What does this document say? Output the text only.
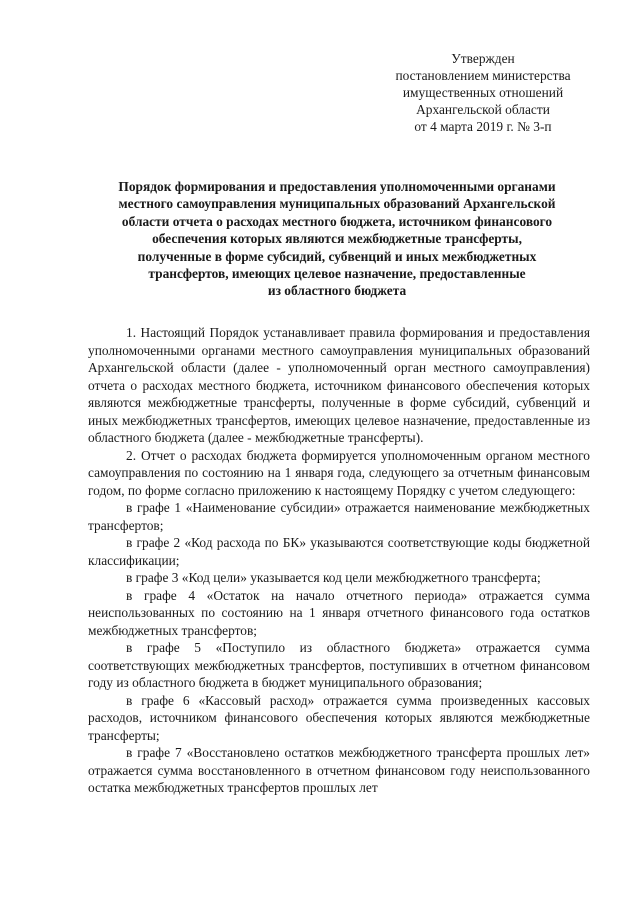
Утвержден
постановлением министерства
имущественных отношений
Архангельской области
от 4 марта 2019 г. № 3-п
Порядок формирования и предоставления уполномоченными органами
местного самоуправления муниципальных образований Архангельской
области отчета о расходах местного бюджета, источником финансового
обеспечения которых являются межбюджетные трансферты,
полученные в форме субсидий, субвенций и иных межбюджетных
трансфертов, имеющих целевое назначение, предоставленные
из областного бюджета

1. Настоящий Порядок устанавливает правила формирования и предоставления уполномоченными органами местного самоуправления муниципальных образований Архангельской области (далее - уполномоченный орган местного самоуправления) отчета о расходах местного бюджета, источником финансового обеспечения которых являются межбюджетные трансферты, полученные в форме субсидий, субвенций и иных межбюджетных трансфертов, имеющих целевое назначение, предоставленные из областного бюджета (далее - межбюджетные трансферты).

2. Отчет о расходах бюджета формируется уполномоченным органом местного самоуправления по состоянию на 1 января года, следующего за отчетным финансовым годом, по форме согласно приложению к настоящему Порядку с учетом следующего:

в графе 1 «Наименование субсидии» отражается наименование межбюджетных трансфертов;

в графе 2 «Код расхода по БК» указываются соответствующие коды бюджетной классификации;

в графе 3 «Код цели» указывается код цели межбюджетного трансферта;

в графе 4 «Остаток на начало отчетного периода» отражается сумма неиспользованных по состоянию на 1 января отчетного финансового года остатков межбюджетных трансфертов;

в графе 5 «Поступило из областного бюджета» отражается сумма соответствующих межбюджетных трансфертов, поступивших в отчетном финансовом году из областного бюджета в бюджет муниципального образования;

в графе 6 «Кассовый расход» отражается сумма произведенных кассовых расходов, источником финансового обеспечения которых являются межбюджетные трансферты;

в графе 7 «Восстановлено остатков межбюджетного трансферта прошлых лет» отражается сумма восстановленного в отчетном финансовом году неиспользованного остатка межбюджетных трансфертов прошлых лет
